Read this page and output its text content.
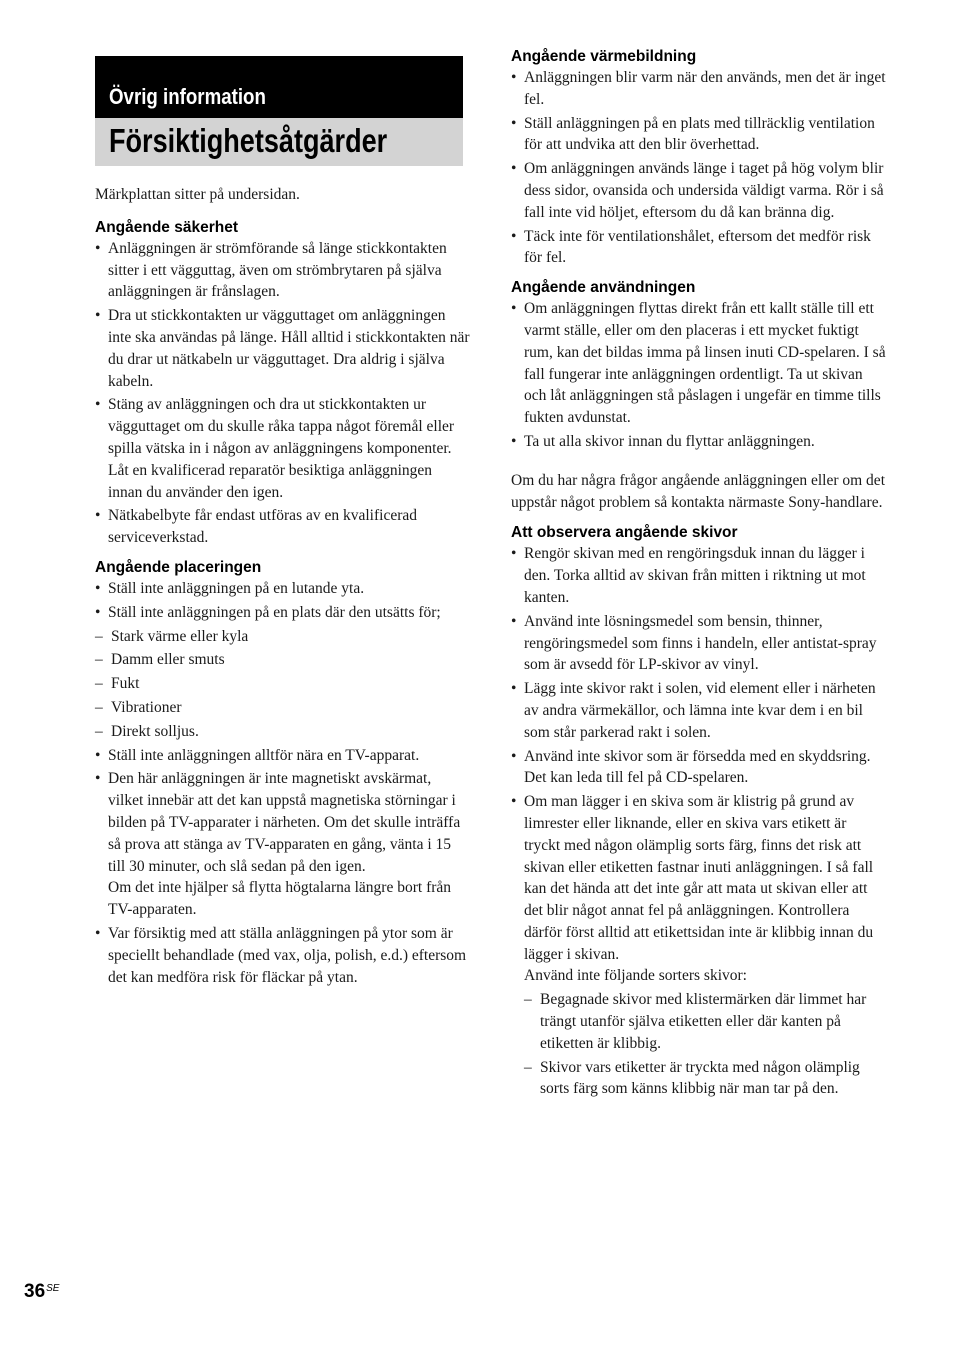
Övrig information
Försiktighetsåtgärder

Märkplattan sitter på undersidan.

Angående säkerhet
• Anläggningen är strömförande så länge stickkontakten sitter i ett vägguttag, även om strömbrytaren på själva anläggningen är frånslagen.
• Dra ut stickkontakten ur vägguttaget om anläggningen inte ska användas på länge. Håll alltid i stickkontakten när du drar ut nätkabeln ur vägguttaget. Dra aldrig i själva kabeln.
• Stäng av anläggningen och dra ut stickkontakten ur vägguttaget om du skulle råka tappa något föremål eller spilla vätska in i någon av anläggningens komponenter. Låt en kvalificerad reparatör besiktiga anläggningen innan du använder den igen.
• Nätkabelbyte får endast utföras av en kvalificerad serviceverkstad.
Angående placeringen
• Ställ inte anläggningen på en lutande yta.
• Ställ inte anläggningen på en plats där den utsätts för;
– Stark värme eller kyla
– Damm eller smuts
– Fukt
– Vibrationer
– Direkt solljus.
• Ställ inte anläggningen alltför nära en TV-apparat.
• Den här anläggningen är inte magnetiskt avskärmat, vilket innebär att det kan uppstå magnetiska störningar i bilden på TV-apparater i närheten. Om det skulle inträffa så prova att stänga av TV-apparaten en gång, vänta i 15 till 30 minuter, och slå sedan på den igen.
Om det inte hjälper så flytta högtalarna längre bort från TV-apparaten.
• Var försiktig med att ställa anläggningen på ytor som är speciellt behandlade (med vax, olja, polish, e.d.) eftersom det kan medföra risk för fläckar på ytan.
Angående värmebildning
• Anläggningen blir varm när den används, men det är inget fel.
• Ställ anläggningen på en plats med tillräcklig ventilation för att undvika att den blir överhettad.
• Om anläggningen används länge i taget på hög volym blir dess sidor, ovansida och undersida väldigt varma. Rör i så fall inte vid höljet, eftersom du då kan bränna dig.
• Täck inte för ventilationshålet, eftersom det medför risk för fel.
Angående användningen
• Om anläggningen flyttas direkt från ett kallt ställe till ett varmt ställe, eller om den placeras i ett mycket fuktigt rum, kan det bildas imma på linsen inuti CD-spelaren. I så fall fungerar inte anläggningen ordentligt. Ta ut skivan och låt anläggningen stå påslagen i ungefär en timme tills fukten avdunstat.
• Ta ut alla skivor innan du flyttar anläggningen.

Om du har några frågor angående anläggningen eller om det uppstår något problem så kontakta närmaste Sony-handlare.

Att observera angående skivor
• Rengör skivan med en rengöringsduk innan du lägger i den. Torka alltid av skivan från mitten i riktning ut mot kanten.
• Använd inte lösningsmedel som bensin, thinner, rengöringsmedel som finns i handeln, eller antistat-spray som är avsedd för LP-skivor av vinyl.
• Lägg inte skivor rakt i solen, vid element eller i närheten av andra värmekällor, och lämna inte kvar dem i en bil som står parkerad rakt i solen.
• Använd inte skivor som är försedda med en skyddsring. Det kan leda till fel på CD-spelaren.
• Om man lägger i en skiva som är klistrig på grund av limrester eller liknande, eller en skiva vars etikett är tryckt med någon olämplig sorts färg, finns det risk att skivan eller etiketten fastnar inuti anläggningen. I så fall kan det hända att det inte går att mata ut skivan eller att det blir något annat fel på anläggningen. Kontrollera därför först alltid att etikettsidan inte är klibbig innan du lägger i skivan.
Använd inte följande sorters skivor:
– Begagnade skivor med klistermärken där limmet har trängt utanför själva etiketten eller där kanten på etiketten är klibbig.
– Skivor vars etiketter är tryckta med någon olämplig sorts färg som känns klibbig när man tar på den.
$36^{SE}$
